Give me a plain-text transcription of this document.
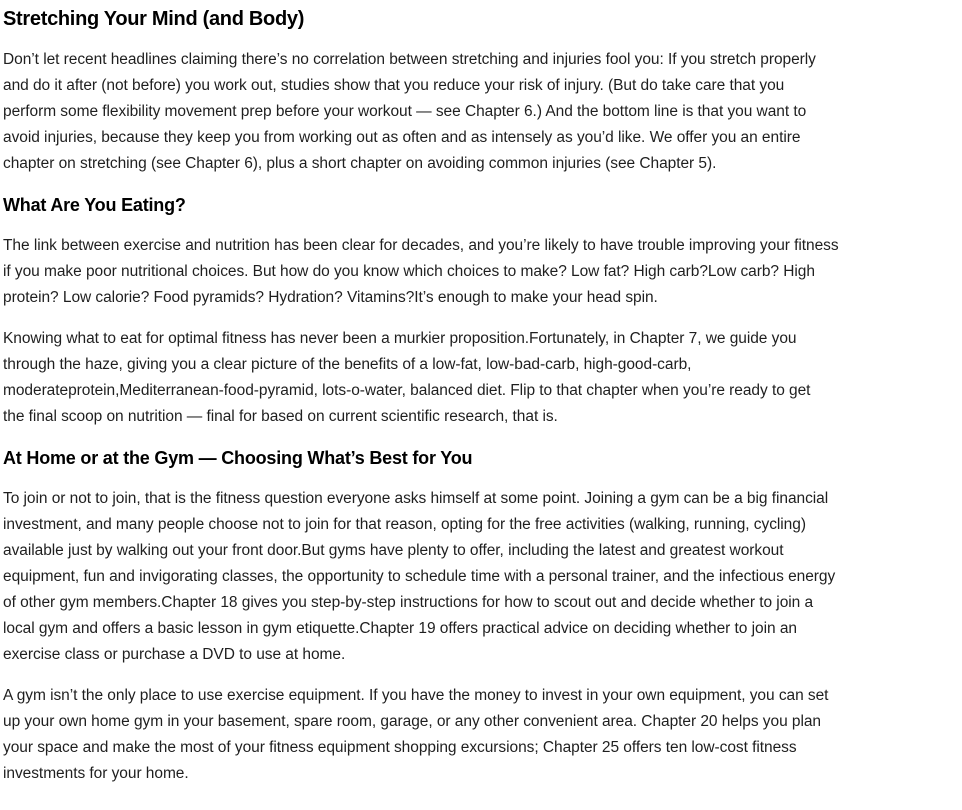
Stretching Your Mind (and Body)
Don’t let recent headlines claiming there’s no correlation between stretching and injuries fool you: If you stretch properly
and do it after (not before) you work out, studies show that you reduce your risk of injury. (But do take care that you
perform some flexibility movement prep before your workout — see Chapter 6.) And the bottom line is that you want to
avoid injuries, because they keep you from working out as often and as intensely as you’d like. We offer you an entire
chapter on stretching (see Chapter 6), plus a short chapter on avoiding common injuries (see Chapter 5).
What Are You Eating?
The link between exercise and nutrition has been clear for decades, and you’re likely to have trouble improving your fitness
if you make poor nutritional choices. But how do you know which choices to make? Low fat? High carb?Low carb? High
protein? Low calorie? Food pyramids? Hydration? Vitamins?It’s enough to make your head spin.
Knowing what to eat for optimal fitness has never been a murkier proposition.Fortunately, in Chapter 7, we guide you
through the haze, giving you a clear picture of the benefits of a low-fat, low-bad-carb, high-good-carb,
moderateprotein,Mediterranean-food-pyramid, lots-o-water, balanced diet. Flip to that chapter when you’re ready to get
the final scoop on nutrition — final for based on current scientific research, that is.
At Home or at the Gym — Choosing What’s Best for You
To join or not to join, that is the fitness question everyone asks himself at some point. Joining a gym can be a big financial
investment, and many people choose not to join for that reason, opting for the free activities (walking, running, cycling)
available just by walking out your front door.But gyms have plenty to offer, including the latest and greatest workout
equipment, fun and invigorating classes, the opportunity to schedule time with a personal trainer, and the infectious energy
of other gym members.Chapter 18 gives you step-by-step instructions for how to scout out and decide whether to join a
local gym and offers a basic lesson in gym etiquette.Chapter 19 offers practical advice on deciding whether to join an
exercise class or purchase a DVD to use at home.
A gym isn’t the only place to use exercise equipment. If you have the money to invest in your own equipment, you can set
up your own home gym in your basement, spare room, garage, or any other convenient area. Chapter 20 helps you plan
your space and make the most of your fitness equipment shopping excursions; Chapter 25 offers ten low-cost fitness
investments for your home.
